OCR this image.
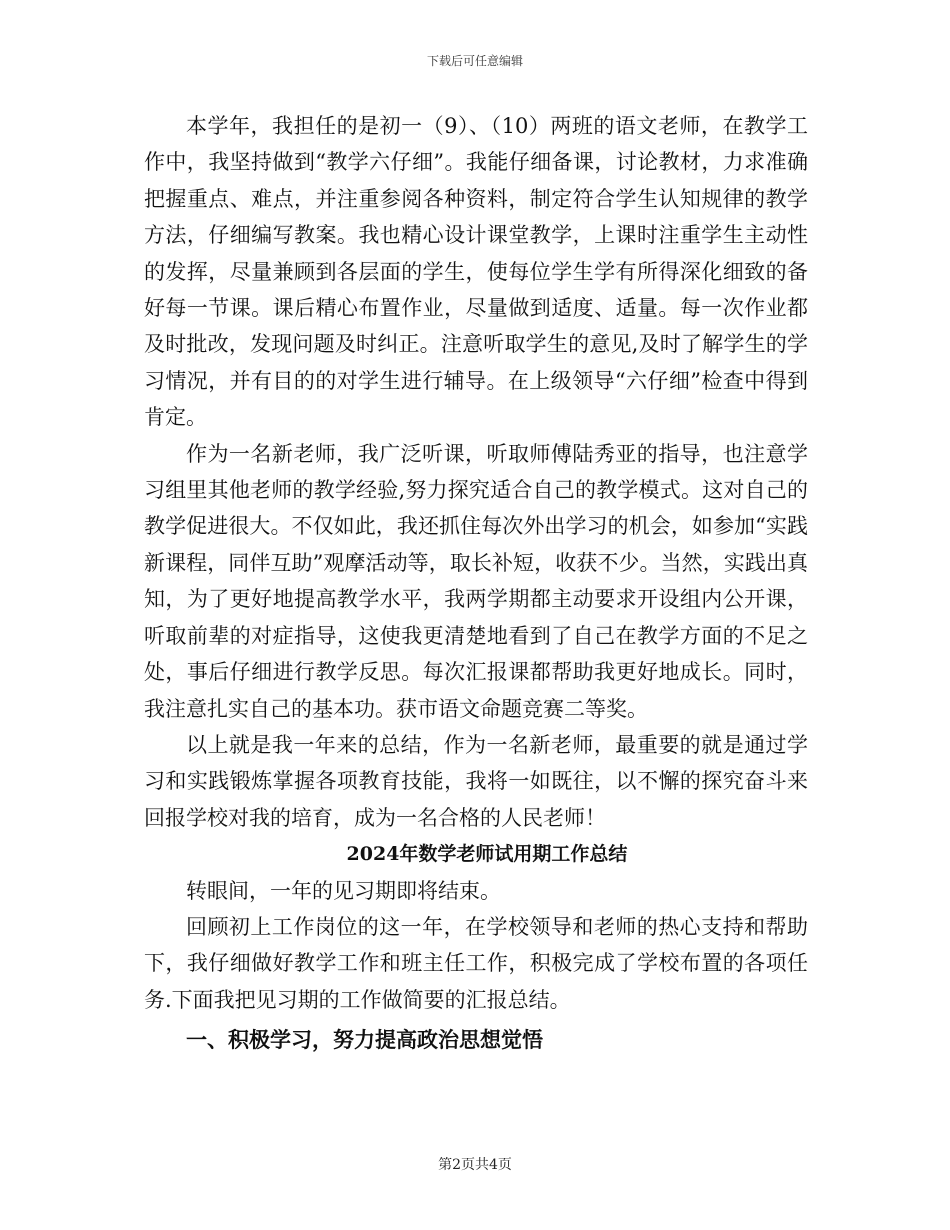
下载后可任意编辑

本学年，我担任的是初一（9）、（10）两班的语文老师，在教学工作中，我坚持做到“教学六仔细”。我能仔细备课，讨论教材，力求准确把握重点、难点，并注重参阅各种资料，制定符合学生认知规律的教学方法，仔细编写教案。我也精心设计课堂教学，上课时注重学生主动性的发挥，尽量兼顾到各层面的学生，使每位学生学有所得深化细致的备好每一节课。课后精心布置作业，尽量做到适度、适量。每一次作业都及时批改，发现问题及时纠正。注意听取学生的意见,及时了解学生的学习情况，并有目的的对学生进行辅导。在上级领导“六仔细”检查中得到肯定。

作为一名新老师，我广泛听课，听取师傅陆秀亚的指导，也注意学习组里其他老师的教学经验,努力探究适合自己的教学模式。这对自己的教学促进很大。不仅如此，我还抓住每次外出学习的机会，如参加“实践新课程，同伴互助”观摩活动等，取长补短，收获不少。当然，实践出真知，为了更好地提高教学水平，我两学期都主动要求开设组内公开课，听取前辈的对症指导，这使我更清楚地看到了自己在教学方面的不足之处，事后仔细进行教学反思。每次汇报课都帮助我更好地成长。同时，我注意扎实自己的基本功。获市语文命题竞赛二等奖。

以上就是我一年来的总结，作为一名新老师，最重要的就是通过学习和实践锻炼掌握各项教育技能，我将一如既往，以不懈的探究奋斗来回报学校对我的培育，成为一名合格的人民老师！

2024年数学老师试用期工作总结

转眼间，一年的见习期即将结束。

回顾初上工作岗位的这一年，在学校领导和老师的热心支持和帮助下，我仔细做好教学工作和班主任工作，积极完成了学校布置的各项任务.下面我把见习期的工作做简要的汇报总结。

一、积极学习，努力提高政治思想觉悟

第2页共4页
